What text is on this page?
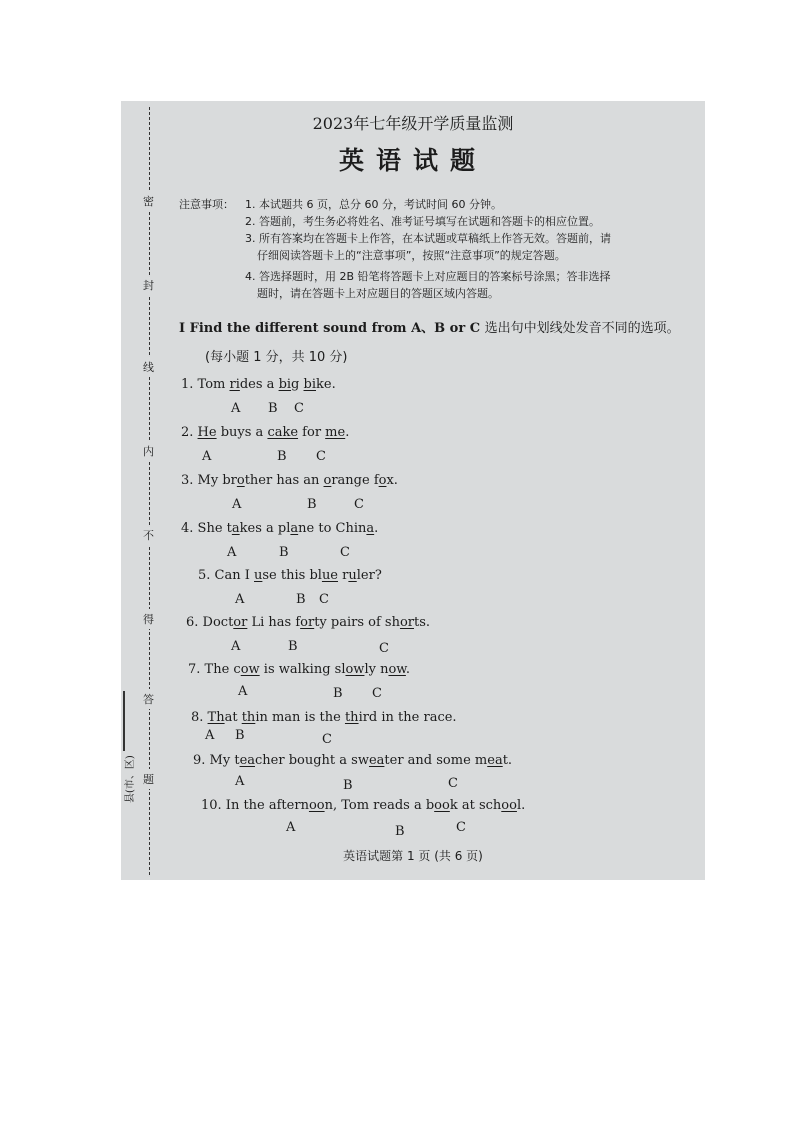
密
封
线
内
不
得
答
题
县(市、区)
2023年七年级开学质量监测
英语试题
注意事项：	1. 本试题共 6 页，总分 60 分，考试时间 60 分钟。
2. 答题前，考生务必将姓名、准考证号填写在试题和答题卡的相应位置。
3. 所有答案均在答题卡上作答，在本试题或草稿纸上作答无效。答题前，请
仔细阅读答题卡上的“注意事项”，按照“注意事项”的规定答题。
4. 答选择题时，用 2B 铅笔将答题卡上对应题目的答案标号涂黑；答非选择
题时，请在答题卡上对应题目的答题区域内答题。
I Find the different sound from A、B or C 选出句中划线处发音不同的选项。
(每小题 1 分，共 10 分)
1. Tom rides a big bike.
A B C
2. He buys a cake for me.
A	B C
3. My brother has an orange fox.
A	B	C
4. She takes a plane to China.
A	B	C
5. Can I use this blue ruler?
A	B C
6. Doctor Li has forty pairs of shorts.
A	B	C
7. The cow is walking slowly now.
A	B C
8. That thin man is the third in the race.
A B	C
9. My teacher bought a sweater and some meat.
A	B	C
10. In the afternoon, Tom reads a book at school.
A	B	C
英语试题第 1 页 (共 6 页)
